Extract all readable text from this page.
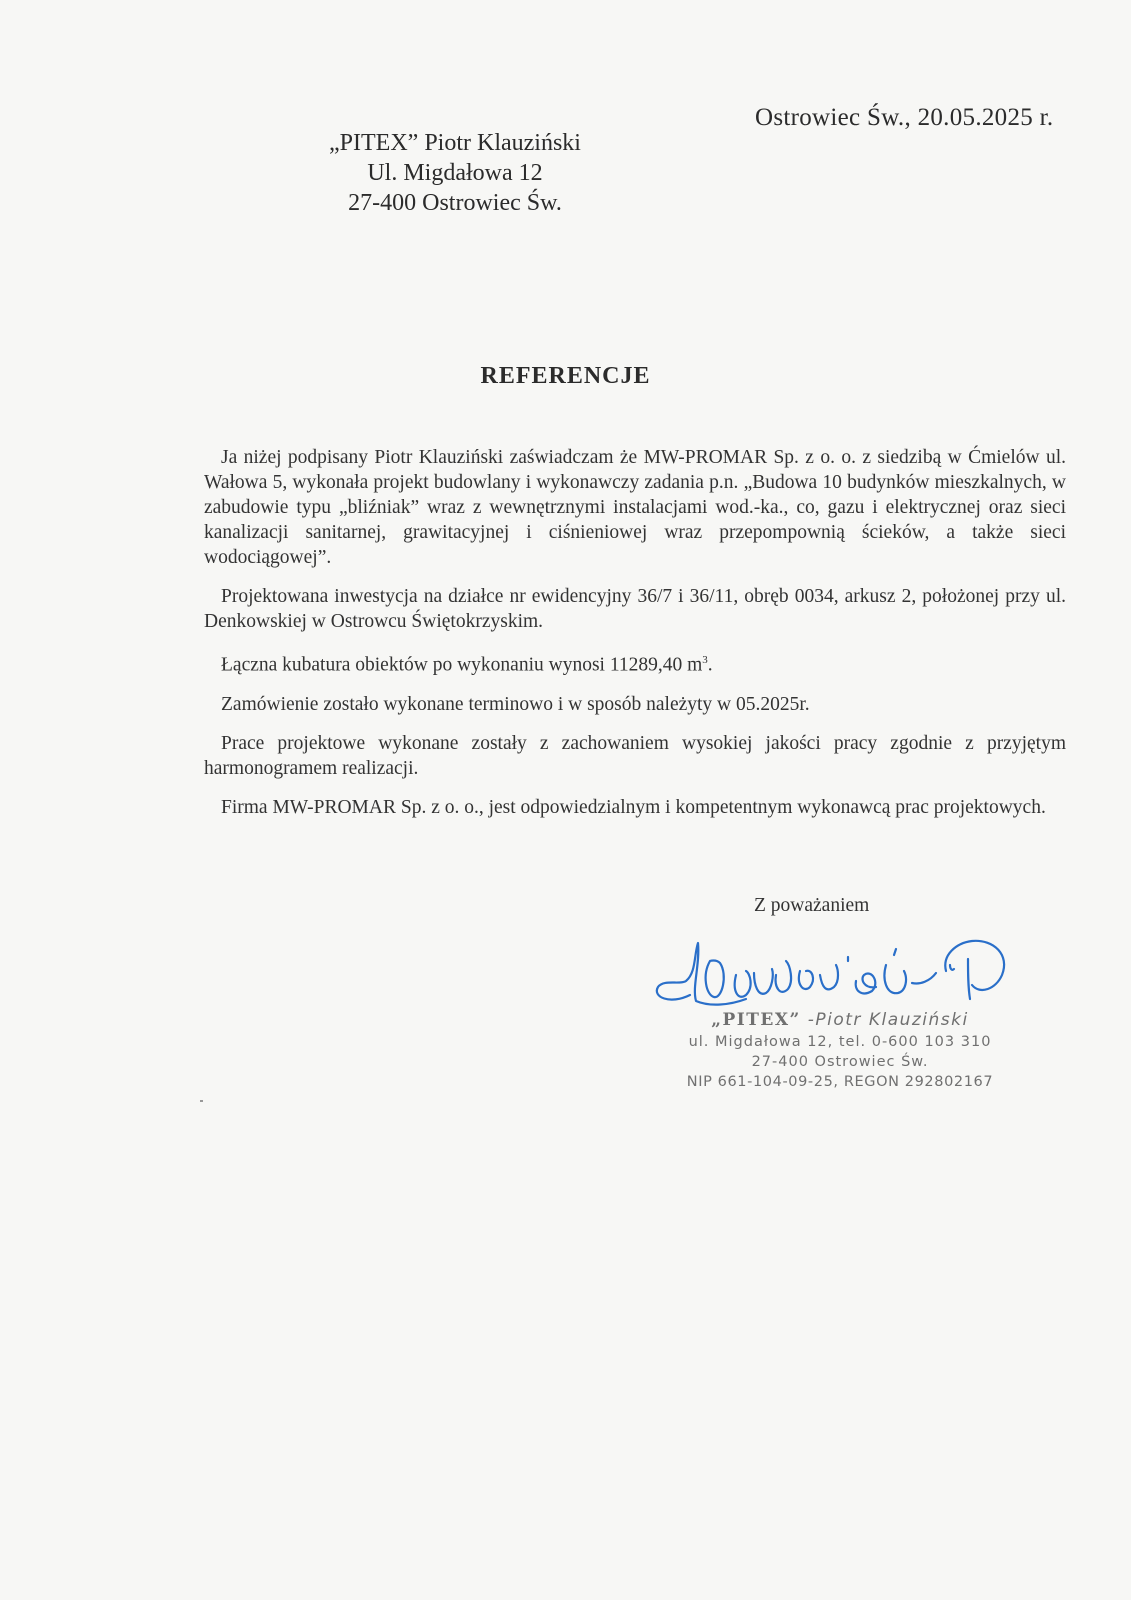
Ostrowiec Św., 20.05.2025 r.
„PITEX” Piotr Klauziński
Ul. Migdałowa 12
27-400 Ostrowiec Św.
REFERENCJE

Ja niżej podpisany Piotr Klauziński zaświadczam że MW-PROMAR Sp. z o. o. z siedzibą w Ćmielów ul. Wałowa 5, wykonała projekt budowlany i wykonawczy zadania p.n. „Budowa 10 budynków mieszkalnych, w zabudowie typu „bliźniak” wraz z wewnętrznymi instalacjami wod.-ka., co, gazu i elektrycznej oraz sieci kanalizacji sanitarnej, grawitacyjnej i ciśnieniowej wraz przepompownią ścieków, a także sieci wodociągowej”.

Projektowana inwestycja na działce nr ewidencyjny 36/7 i 36/11, obręb 0034, arkusz 2, położonej przy ul. Denkowskiej w Ostrowcu Świętokrzyskim.

Łączna kubatura obiektów po wykonaniu wynosi 11289,40 $m^3$.

Zamówienie zostało wykonane terminowo i w sposób należyty w 05.2025r.

Prace projektowe wykonane zostały z zachowaniem wysokiej jakości pracy zgodnie z przyjętym harmonogramem realizacji.

Firma MW-PROMAR Sp. z o. o., jest odpowiedzialnym i kompetentnym wykonawcą prac projektowych.

Z poważaniem
„PITEX” -Piotr Klauziński
ul. Migdałowa 12, tel. 0-600 103 310
27-400 Ostrowiec Św.
NIP 661-104-09-25, REGON 292802167
